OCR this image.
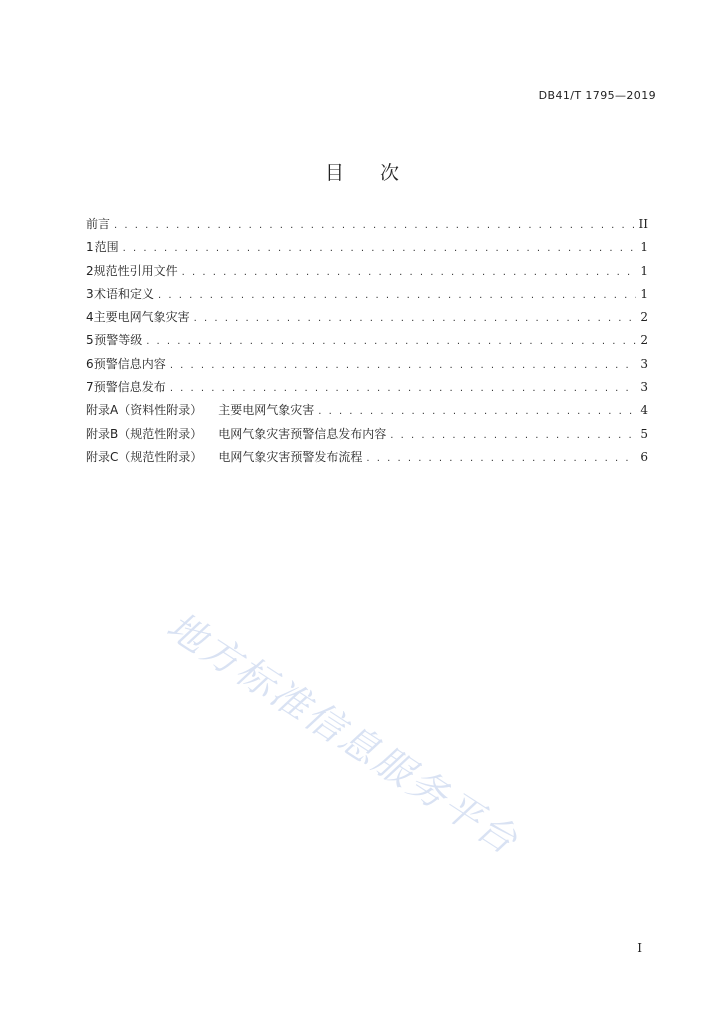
DB41/T 1795—2019
目次
前言 . . .	II
1 范围 . . .	1
2 规范性引用文件 . . .	1
3 术语和定义 . . .	1
4 主要电网气象灾害 . . .	2
5 预警等级 . . .	2
6 预警信息内容 . . .	3
7 预警信息发布 . . .	3
附录A（资料性附录） 主要电网气象灾害 . . .	4
附录B（规范性附录） 电网气象灾害预警信息发布内容 . . .	5
附录C（规范性附录） 电网气象灾害预警发布流程 . . .	6
地方标准信息服务平台
I
